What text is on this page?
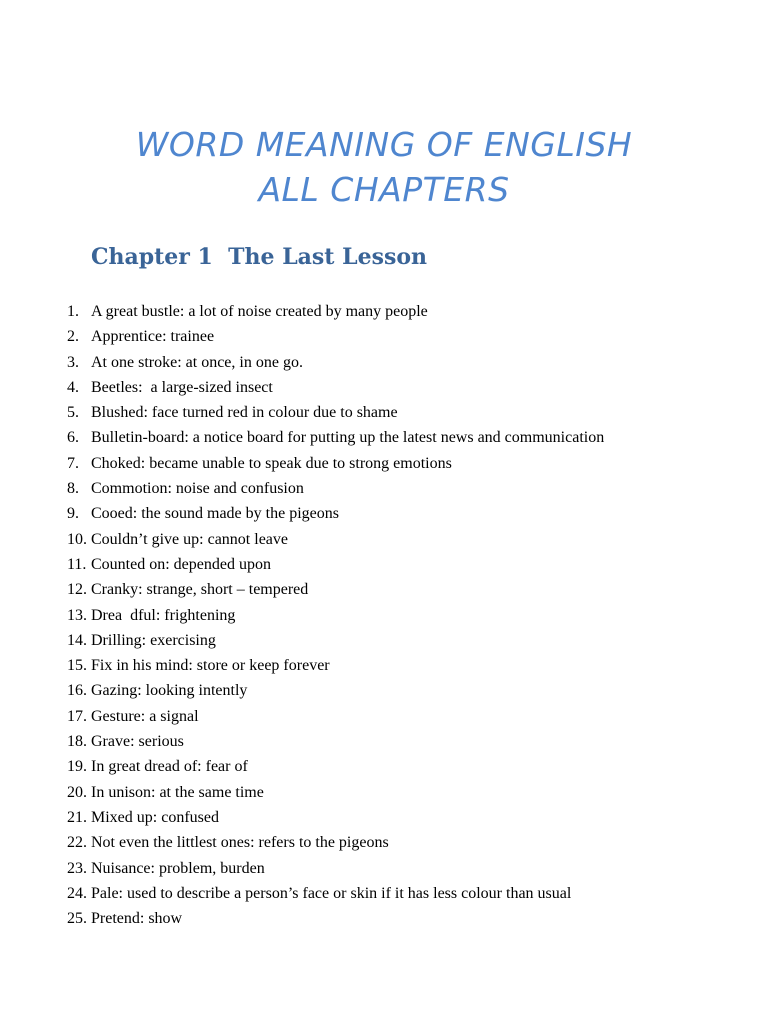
WORD MEANING OF ENGLISH
ALL CHAPTERS
Chapter 1  The Last Lesson
1. A great bustle: a lot of noise created by many people
2. Apprentice: trainee
3. At one stroke: at once, in one go.
4. Beetles:  a large-sized insect
5. Blushed: face turned red in colour due to shame
6. Bulletin-board: a notice board for putting up the latest news and communication
7. Choked: became unable to speak due to strong emotions
8. Commotion: noise and confusion
9. Cooed: the sound made by the pigeons
10. Couldn’t give up: cannot leave
11. Counted on: depended upon
12. Cranky: strange, short – tempered
13. Drea  dful: frightening
14. Drilling: exercising
15. Fix in his mind: store or keep forever
16. Gazing: looking intently
17. Gesture: a signal
18. Grave: serious
19. In great dread of: fear of
20. In unison: at the same time
21. Mixed up: confused
22. Not even the littlest ones: refers to the pigeons
23. Nuisance: problem, burden
24. Pale: used to describe a person’s face or skin if it has less colour than usual
25. Pretend: show
